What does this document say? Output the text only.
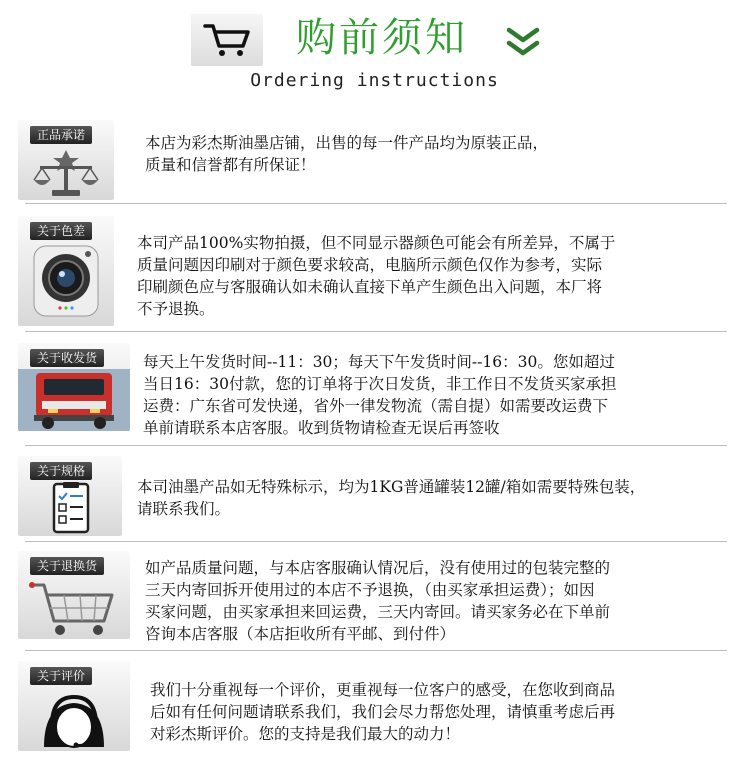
购前须知
Ordering instructions
正品承诺	本店为彩杰斯油墨店铺，出售的每一件产品均为原装正品，
质量和信誉都有所保证！
关于色差
本司产品100%实物拍摄，但不同显示器颜色可能会有所差异，不属于
质量问题因印刷对于颜色要求较高，电脑所示颜色仅作为参考，实际
印刷颜色应与客服确认如未确认直接下单产生颜色出入问题，本厂将
不予退换。
关于收发货	每天上午发货时间--11：30；每天下午发货时间--16：30。您如超过
当日16：30付款，您的订单将于次日发货，非工作日不发货买家承担
运费：广东省可发快递，省外一律发物流（需自提）如需要改运费下
单前请联系本店客服。收到货物请检查无误后再签收
关于规格
本司油墨产品如无特殊标示，均为1KG普通罐装12罐/箱如需要特殊包装，
请联系我们。
关于退换货	如产品质量问题，与本店客服确认情况后，没有使用过的包装完整的
三天内寄回拆开使用过的本店不予退换，（由买家承担运费）；如因
买家问题，由买家承担来回运费，三天内寄回。请买家务必在下单前
咨询本店客服（本店拒收所有平邮、到付件）
关于评价
我们十分重视每一个评价，更重视每一位客户的感受，在您收到商品
后如有任何问题请联系我们，我们会尽力帮您处理，请慎重考虑后再
对彩杰斯评价。您的支持是我们最大的动力！
